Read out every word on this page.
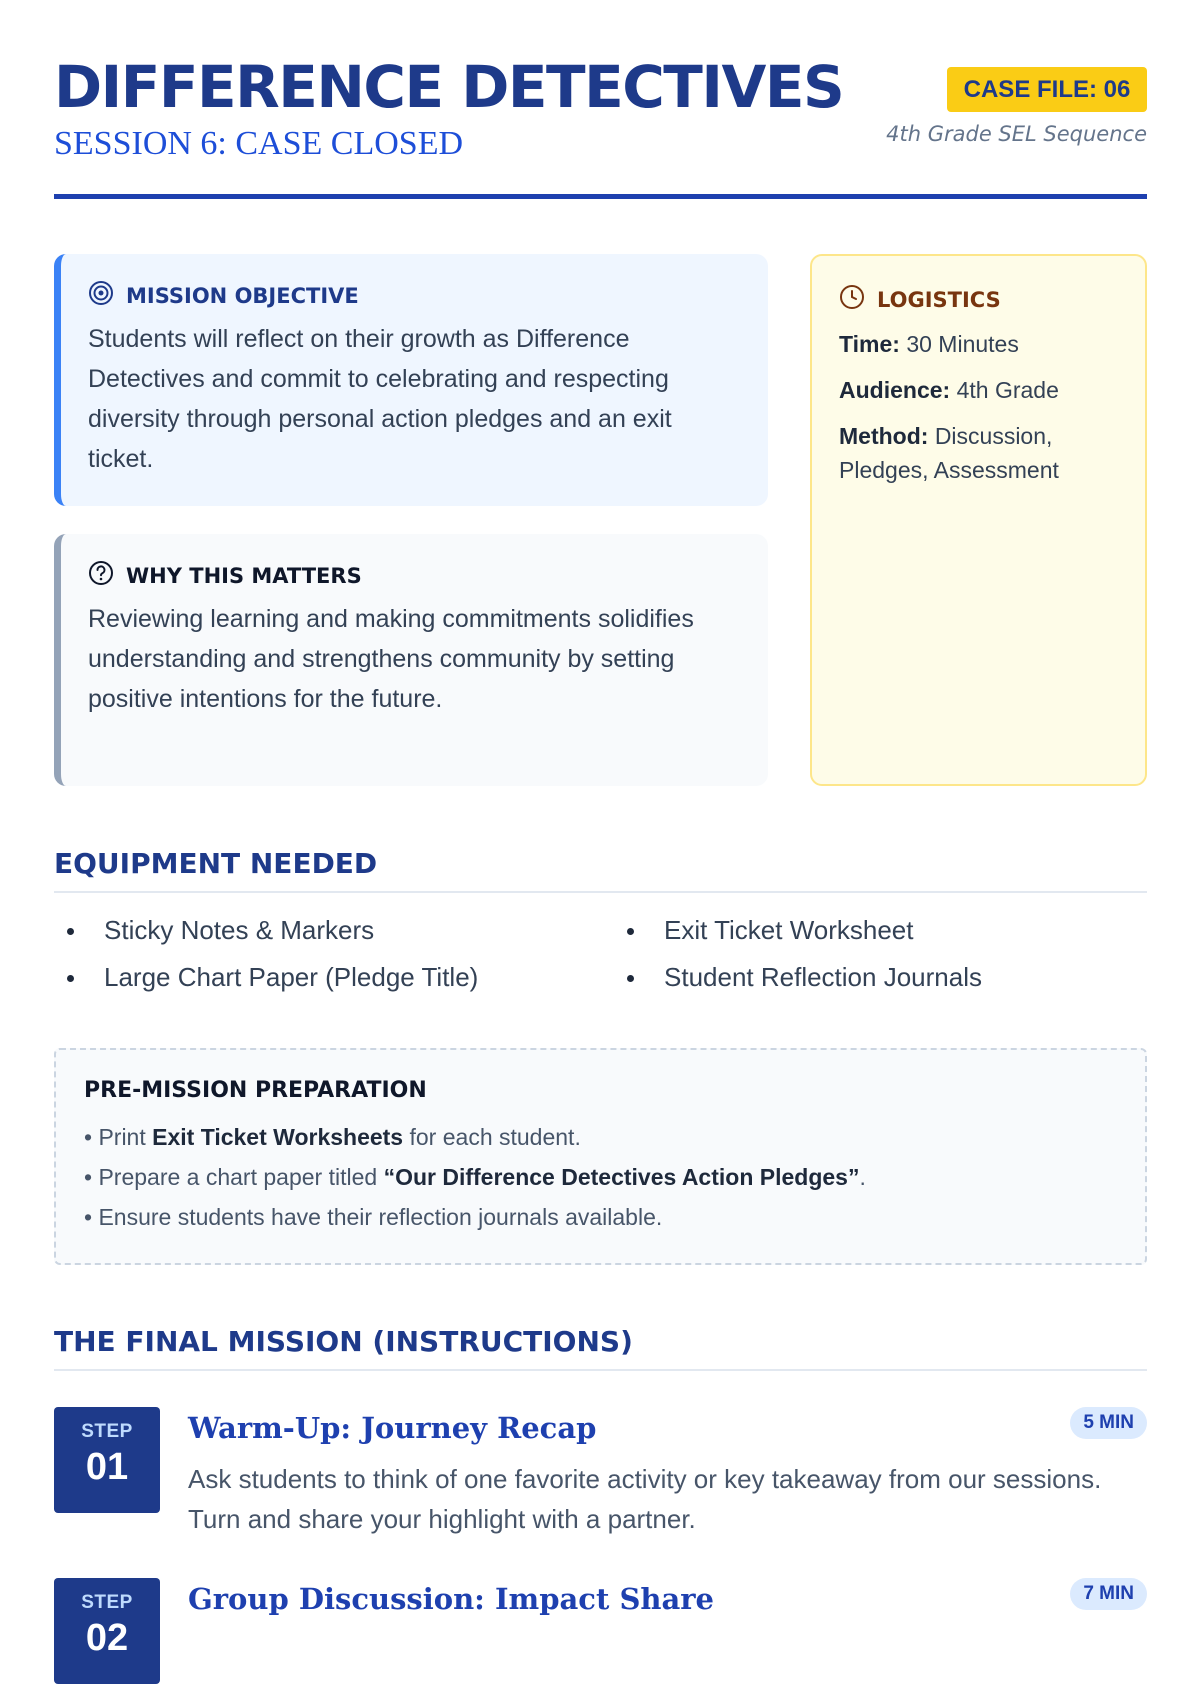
DIFFERENCE DETECTIVES
SESSION 6: CASE CLOSED
CASE FILE: 06
4th Grade SEL Sequence
MISSION OBJECTIVE
Students will reflect on their growth as Difference Detectives and commit to celebrating and respecting diversity through personal action pledges and an exit ticket.
WHY THIS MATTERS
Reviewing learning and making commitments solidifies understanding and strengthens community by setting positive intentions for the future.
LOGISTICS
Time: 30 Minutes
Audience: 4th Grade
Method: Discussion, Pledges, Assessment
EQUIPMENT NEEDED
Sticky Notes & Markers	Exit Ticket Worksheet
Large Chart Paper (Pledge Title)	Student Reflection Journals
PRE-MISSION PREPARATION
• Print Exit Ticket Worksheets for each student.
• Prepare a chart paper titled “Our Difference Detectives Action Pledges”.
• Ensure students have their reflection journals available.
THE FINAL MISSION (INSTRUCTIONS)
STEP
01
Warm-Up: Journey Recap	5 MIN
Ask students to think of one favorite activity or key takeaway from our sessions. Turn and share your highlight with a partner.
STEP
02
Group Discussion: Impact Share	7 MIN
